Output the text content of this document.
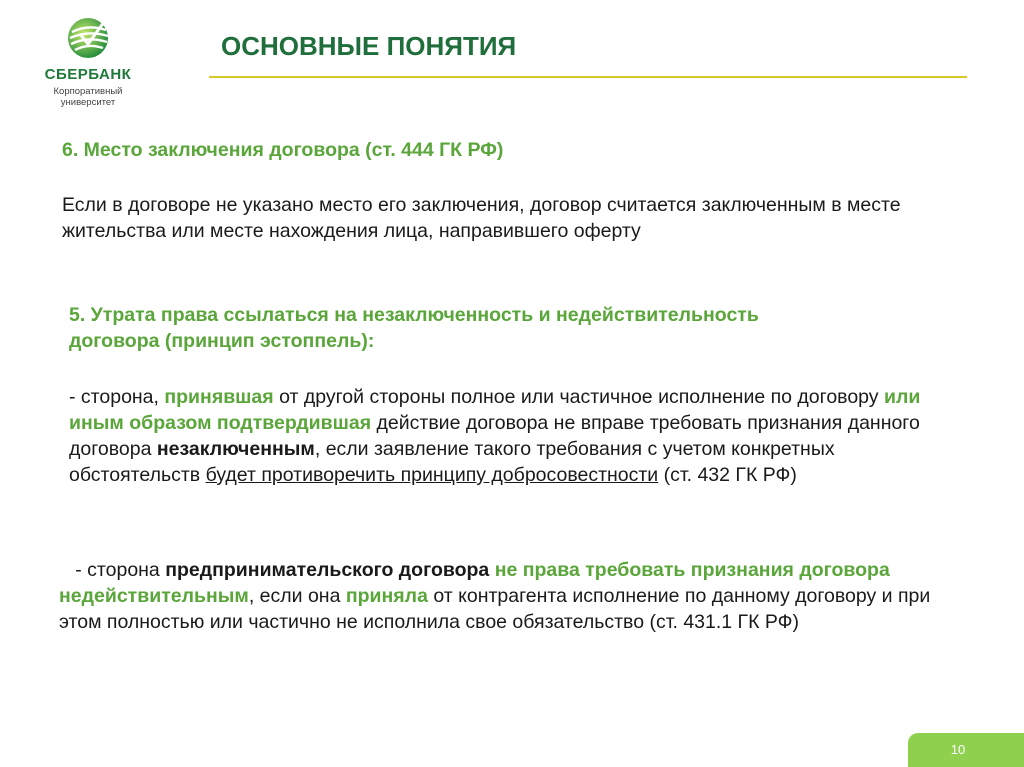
СБЕРБАНК
Корпоративный
университет
ОСНОВНЫЕ ПОНЯТИЯ
6. Место заключения договора (ст. 444 ГК РФ)
Если в договоре не указано место его заключения, договор считается заключенным в месте жительства или месте нахождения лица, направившего оферту
5. Утрата права ссылаться на незаключенность и недействительность
договора (принцип эстоппель):
- сторона, принявшая от другой стороны полное или частичное исполнение по договору или иным образом подтвердившая действие договора не вправе требовать признания данного договора незаключенным, если заявление такого требования с учетом конкретных обстоятельств будет противоречить принципу добросовестности (ст. 432 ГК РФ)
- сторона предпринимательского договора не права требовать признания договора недействительным, если она приняла от контрагента исполнение по данному договору и при этом полностью или частично не исполнила свое обязательство (ст. 431.1 ГК РФ)
10
